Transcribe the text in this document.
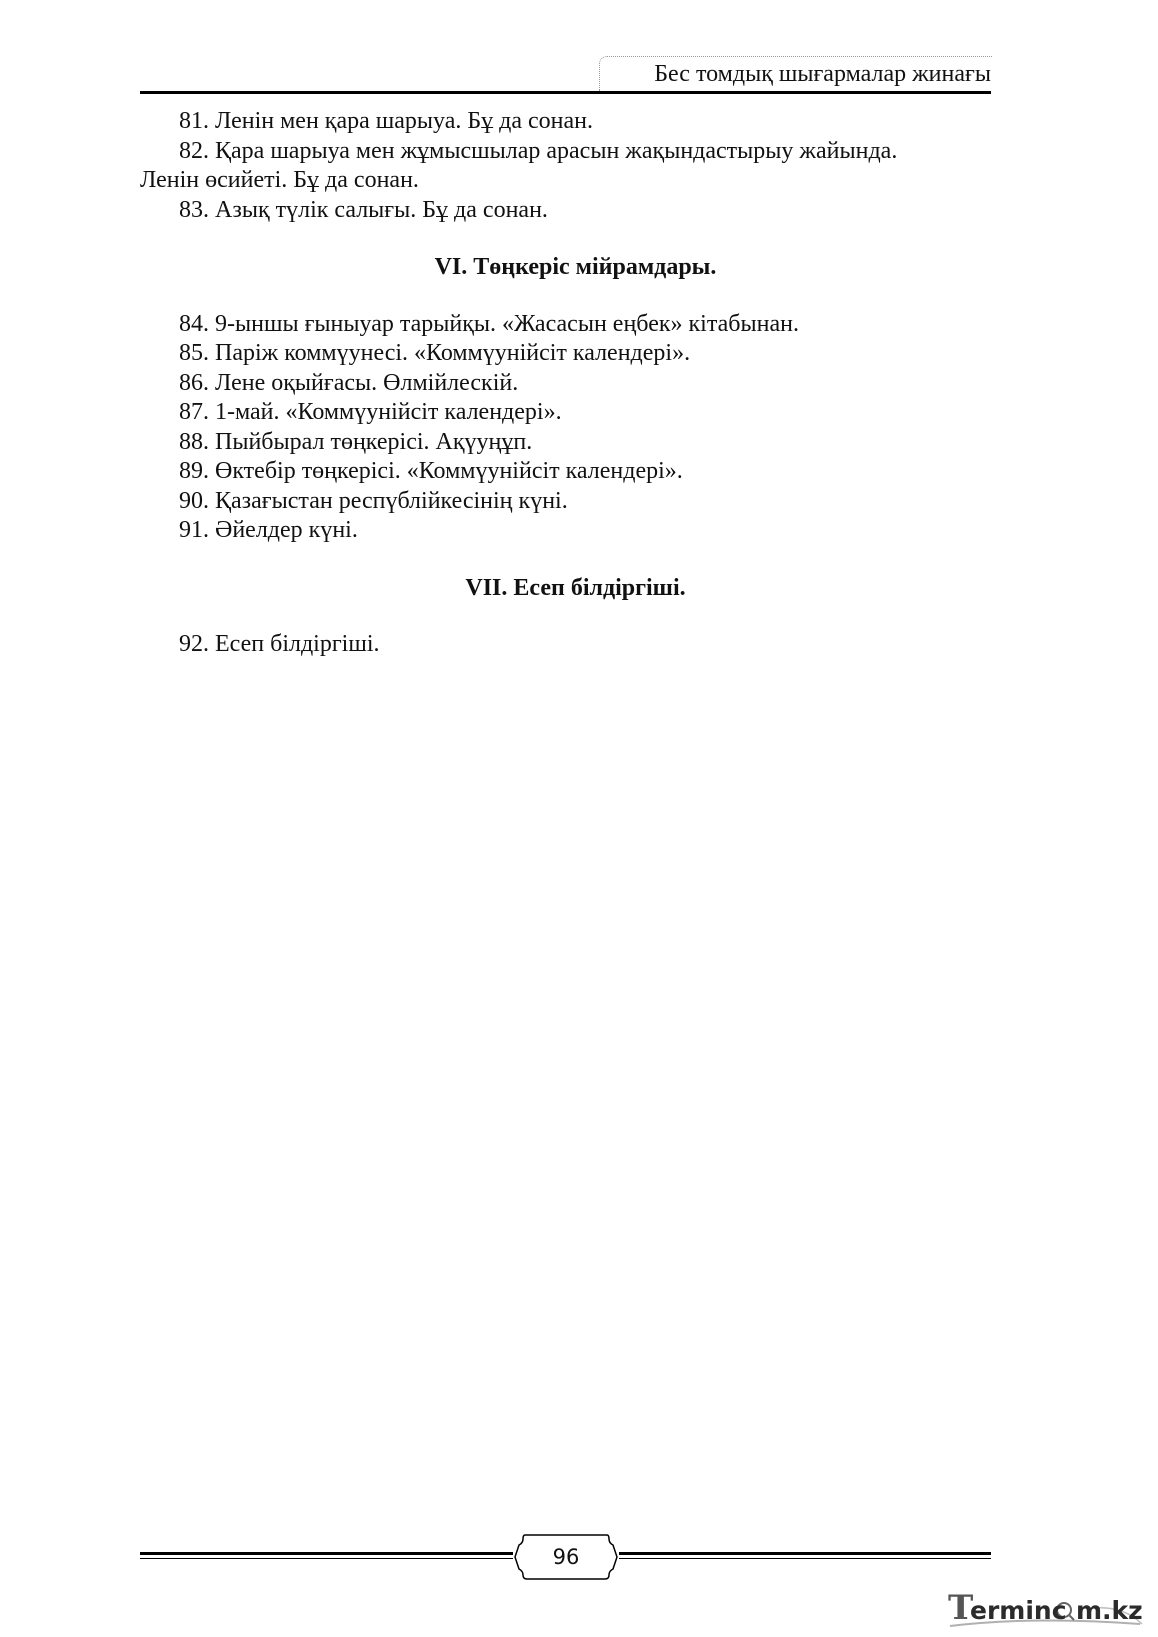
Бес томдық шығармалар жинағы
81. Ленін мен қара шарыуа. Бұ да сонан.
82. Қара шарыуа мен жұмысшылар арасын жақындастырыу жайында.
Ленін өсийеті. Бұ да сонан.
83. Азық түлік салығы. Бұ да сонан.
VI. Төңкеріс мійрамдары.
84. 9-ыншы ғыныуар тарыйқы. «Жасасын еңбек» кітабынан.
85. Паріж коммүунесі. «Коммүунійсіт календері».
86. Лене оқыйғасы. Өлмійлескій.
87. 1-май. «Коммүунійсіт календері».
88. Пыйбырал төңкерісі. Ақүуңұп.
89. Өктебір төңкерісі. «Коммүунійсіт календері».
90. Қазағыстан респүблійкесінің күні.
91. Әйелдер күні.
VII. Есеп білдіргіші.
92. Есеп білдіргіші.
96
T
erminc m.kz
